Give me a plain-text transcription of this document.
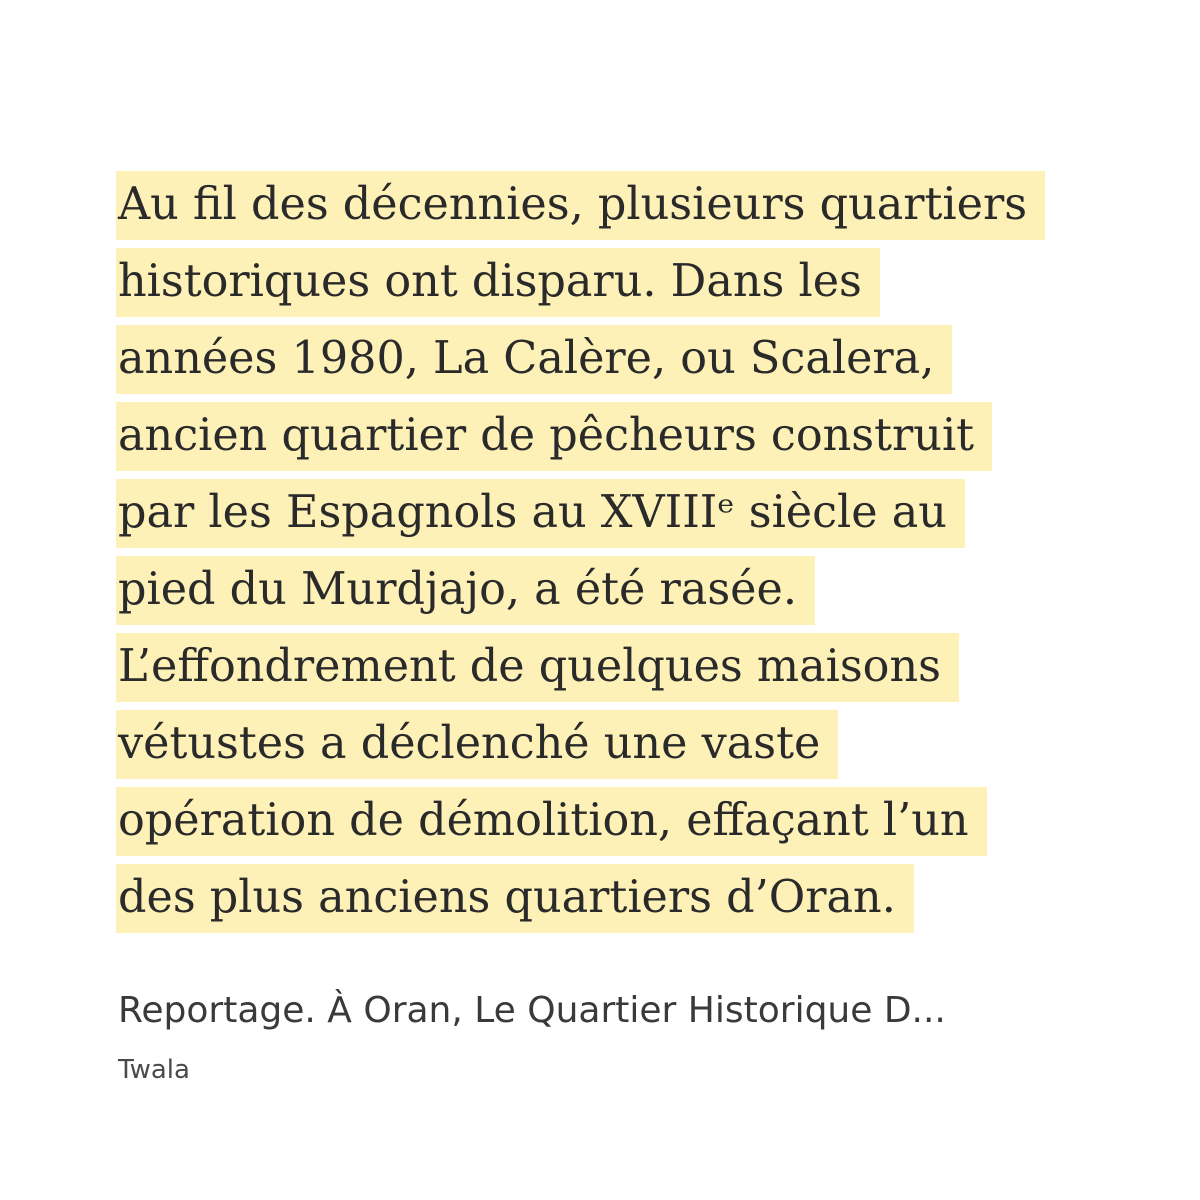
Au fil des décennies, plusieurs quartiers
historiques ont disparu. Dans les
années 1980, La Calère, ou Scalera,
ancien quartier de pêcheurs construit
par les Espagnols au XVIIIᵉ siècle au
pied du Murdjajo, a été rasée.
L’effondrement de quelques maisons
vétustes a déclenché une vaste
opération de démolition, effaçant l’un
des plus anciens quartiers d’Oran.
Reportage. À Oran, Le Quartier Historique D...
Twala
